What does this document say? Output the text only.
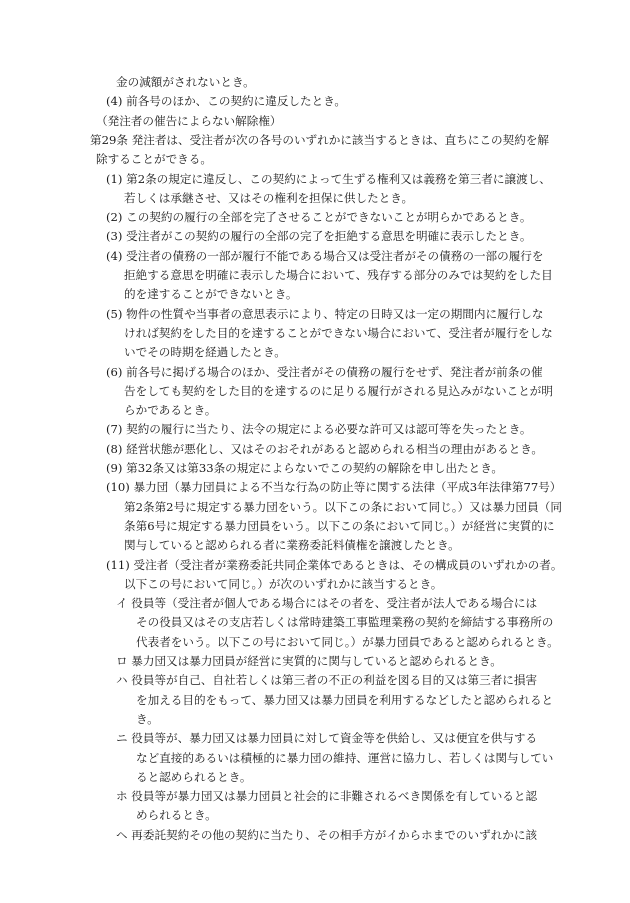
金の減額がされないとき。
(4) 前各号のほか、この契約に違反したとき。
（発注者の催告によらない解除権）
第29条 発注者は、受注者が次の各号のいずれかに該当するときは、直ちにこの契約を解
除することができる。
(1) 第2条の規定に違反し、この契約によって生ずる権利又は義務を第三者に譲渡し、
若しくは承継させ、又はその権利を担保に供したとき。
(2) この契約の履行の全部を完了させることができないことが明らかであるとき。
(3) 受注者がこの契約の履行の全部の完了を拒絶する意思を明確に表示したとき。
(4) 受注者の債務の一部が履行不能である場合又は受注者がその債務の一部の履行を
拒絶する意思を明確に表示した場合において、残存する部分のみでは契約をした目
的を達することができないとき。
(5) 物件の性質や当事者の意思表示により、特定の日時又は一定の期間内に履行しな
ければ契約をした目的を達することができない場合において、受注者が履行をしな
いでその時期を経過したとき。
(6) 前各号に掲げる場合のほか、受注者がその債務の履行をせず、発注者が前条の催
告をしても契約をした目的を達するのに足りる履行がされる見込みがないことが明
らかであるとき。
(7) 契約の履行に当たり、法令の規定による必要な許可又は認可等を失ったとき。
(8) 経営状態が悪化し、又はそのおそれがあると認められる相当の理由があるとき。
(9) 第32条又は第33条の規定によらないでこの契約の解除を申し出たとき。
(10) 暴力団（暴力団員による不当な行為の防止等に関する法律（平成3年法律第77号）
第2条第2号に規定する暴力団をいう。以下この条において同じ。）又は暴力団員（同
条第6号に規定する暴力団員をいう。以下この条において同じ。）が経営に実質的に
関与していると認められる者に業務委託料債権を譲渡したとき。
(11) 受注者（受注者が業務委託共同企業体であるときは、その構成員のいずれかの者。
以下この号において同じ。）が次のいずれかに該当するとき。
イ 役員等（受注者が個人である場合にはその者を、受注者が法人である場合には
その役員又はその支店若しくは常時建築工事監理業務の契約を締結する事務所の
代表者をいう。以下この号において同じ。）が暴力団員であると認められるとき。
ロ 暴力団又は暴力団員が経営に実質的に関与していると認められるとき。
ハ 役員等が自己、自社若しくは第三者の不正の利益を図る目的又は第三者に損害
を加える目的をもって、暴力団又は暴力団員を利用するなどしたと認められると
き。
ニ 役員等が、暴力団又は暴力団員に対して資金等を供給し、又は便宜を供与する
など直接的あるいは積極的に暴力団の維持、運営に協力し、若しくは関与してい
ると認められるとき。
ホ 役員等が暴力団又は暴力団員と社会的に非難されるべき関係を有していると認
められるとき。
ヘ 再委託契約その他の契約に当たり、その相手方がイからホまでのいずれかに該
